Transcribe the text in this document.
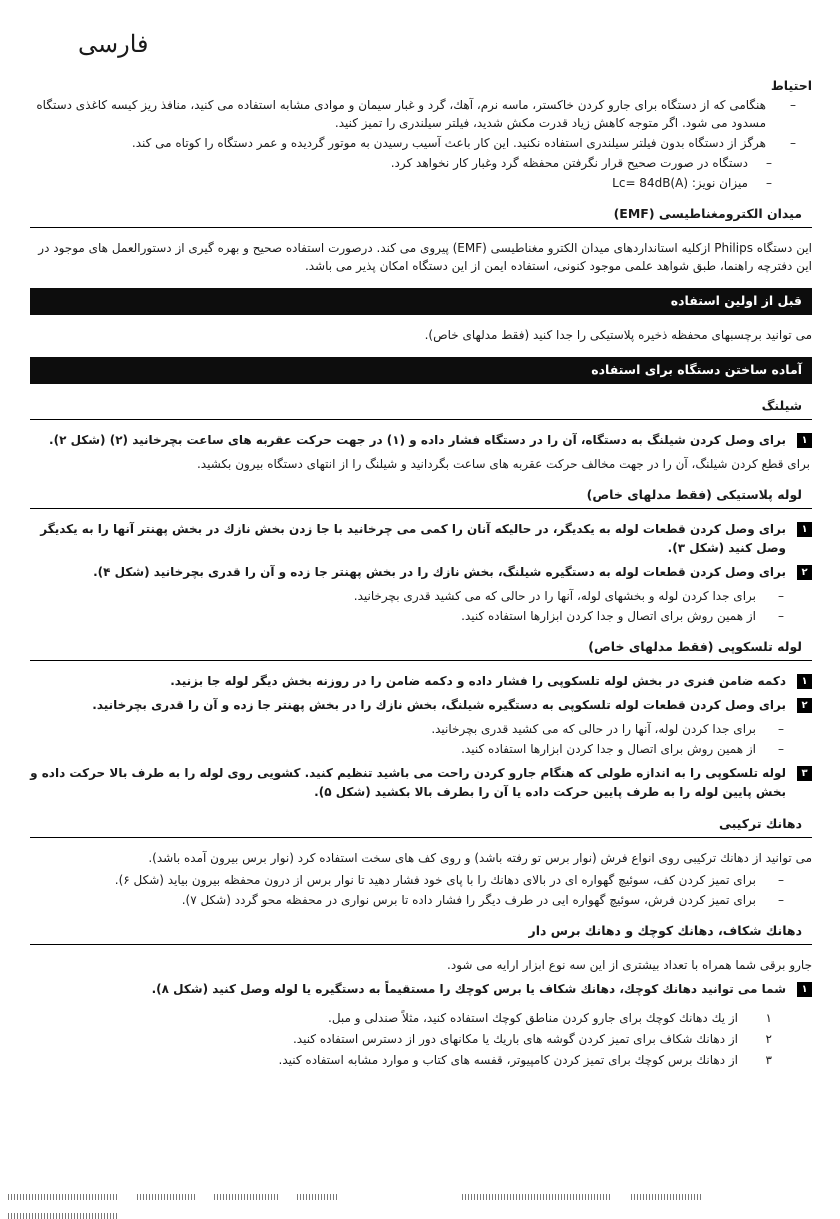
فارسی
احتیاط
–
هنگامی که از دستگاه برای جارو کردن خاکستر، ماسه نرم، آهك، گرد و غبار سیمان و موادی مشابه استفاده می کنید، منافذ ریز کیسه کاغذی دستگاه مسدود می شود. اگر متوجه کاهش زیاد قدرت مکش شدید، فیلتر سیلندری را تمیز کنید.
–
هرگز از دستگاه بدون فیلتر سیلندری استفاده نکنید. این کار باعث آسیب رسیدن به موتور گردیده و عمر دستگاه را کوتاه می کند.
–
دستگاه در صورت صحیح قرار نگرفتن محفظه گرد وغبار کار نخواهد کرد.
–
میزان نویز: Lc= 84dB(A)
میدان الکترومغناطیسی (EMF)
این دستگاه Philips ازکلیه استانداردهای میدان الکترو مغناطیسی (EMF) پیروی می کند. درصورت استفاده صحیح و بهره گیری از دستورالعمل های موجود در این دفترچه راهنما، طبق شواهد علمی موجود کنونی، استفاده ایمن از این دستگاه امکان پذیر می باشد.
قبل از اولین استفاده
می توانید برچسبهای محفظه ذخیره پلاستیکی را جدا کنید (فقط مدلهای خاص).
آماده ساختن دستگاه برای استفاده
شیلنگ
۱
برای وصل کردن شیلنگ به دستگاه، آن را در دستگاه فشار داده و (۱) در جهت حرکت عقربه های ساعت بچرخانید (۲) (شکل ۲).
برای قطع کردن شیلنگ، آن را در جهت مخالف حرکت عقربه های ساعت بگردانید و شیلنگ را از انتهای دستگاه بیرون بکشید.
لوله پلاستیکی (فقط مدلهای خاص)
۱
برای وصل کردن قطعات لوله به یکدیگر، در حالیکه آنان را کمی می چرخانید با جا زدن بخش نازك در بخش پهنتر آنها را به یکدیگر وصل کنید (شکل ۳).
۲
برای وصل کردن قطعات لوله به دستگیره شیلنگ، بخش نازك را در بخش پهنتر جا زده و آن را قدری بچرخانید (شکل ۴).
–
برای جدا کردن لوله و بخشهای لوله، آنها را در حالی که می کشید قدری بچرخانید.
–
از همین روش برای اتصال و جدا کردن ابزارها استفاده کنید.
لوله تلسکوپی (فقط مدلهای خاص)
۱
دکمه ضامن فنری در بخش لوله تلسکوپی را فشار داده و دکمه ضامن را در روزنه بخش دیگر لوله جا بزنید.
۲
برای وصل کردن قطعات لوله تلسکوپی به دستگیره شیلنگ، بخش نازك را در بخش پهنتر جا زده و آن را قدری بچرخانید.
–
برای جدا کردن لوله، آنها را در حالی که می کشید قدری بچرخانید.
–
از همین روش برای اتصال و جدا کردن ابزارها استفاده کنید.
۳
لوله تلسکوپی را به اندازه طولی که هنگام جارو کردن راحت می باشید تنظیم کنید. کشویی روی لوله را به طرف بالا حرکت داده و بخش پایین لوله را به طرف پایین حرکت داده یا آن را بطرف بالا بکشید (شکل ۵).
دهانك ترکیبی
می توانید از دهانك ترکیبی روی انواع فرش (نوار برس تو رفته باشد) و روی کف های سخت استفاده کرد (نوار برس بیرون آمده باشد).
–
برای تمیز کردن کف، سوئیچ گهواره ای در بالای دهانك را با پای خود فشار دهید تا نوار برس از درون محفظه بیرون بیاید (شکل ۶).
–
برای تمیز کردن فرش، سوئیچ گهواره ایی در طرف دیگر را فشار داده تا برس نواری در محفظه محو گردد (شکل ۷).
دهانك شکاف، دهانك کوچك و دهانك برس دار
جارو برقی شما همراه با تعداد بیشتری از این سه نوع ابزار ارایه می شود.
۱
شما می توانید دهانك کوچك، دهانك شکاف یا برس کوچك را مستقیماً به دستگیره یا لوله وصل کنید (شکل ۸).
۱
از یك دهانك کوچك برای جارو کردن مناطق کوچك استفاده کنید، مثلاً صندلی و مبل.
۲
از دهانك شکاف برای تمیز کردن گوشه های باریك یا مکانهای دور از دسترس استفاده کنید.
۳
از دهانك برس کوچك برای تمیز کردن کامپیوتر، قفسه های کتاب و موارد مشابه استفاده کنید.
